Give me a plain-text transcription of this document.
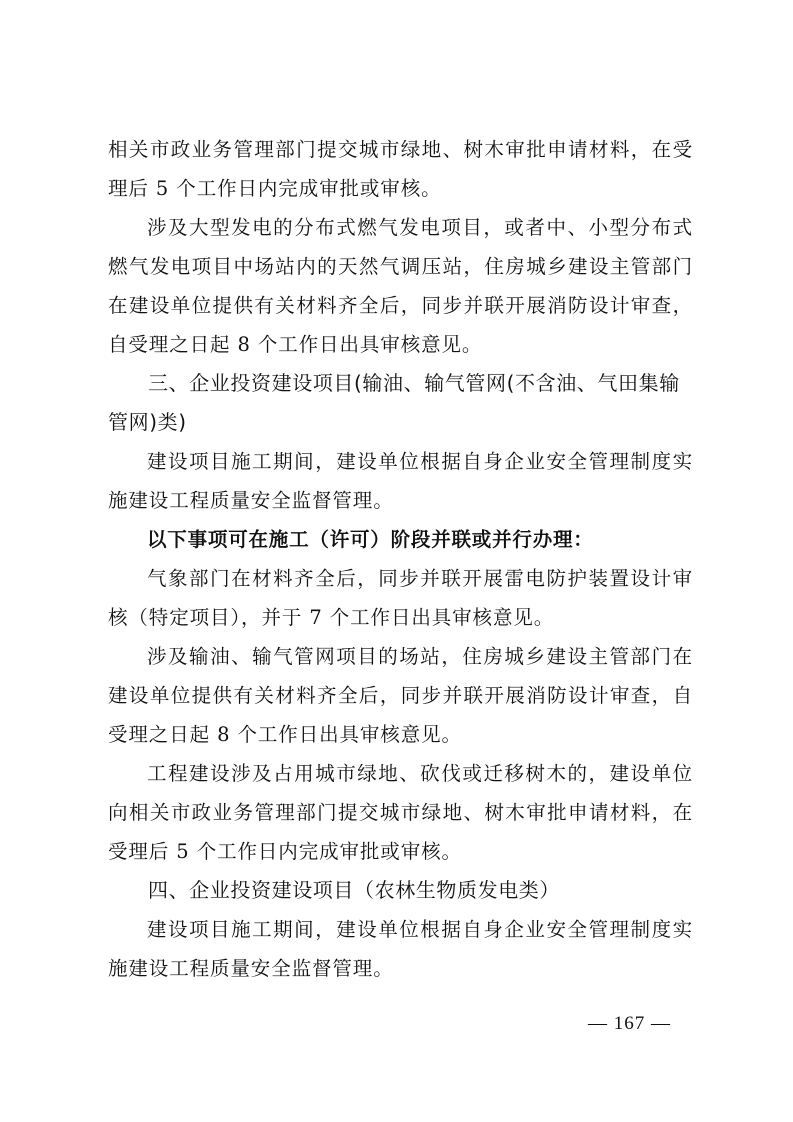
相关市政业务管理部门提交城市绿地、树木审批申请材料，在受理后 5 个工作日内完成审批或审核。

涉及大型发电的分布式燃气发电项目，或者中、小型分布式燃气发电项目中场站内的天然气调压站，住房城乡建设主管部门在建设单位提供有关材料齐全后，同步并联开展消防设计审查，自受理之日起 8 个工作日出具审核意见。

三、企业投资建设项目(输油、输气管网(不含油、气田集输管网)类)

建设项目施工期间，建设单位根据自身企业安全管理制度实施建设工程质量安全监督管理。

以下事项可在施工（许可）阶段并联或并行办理：

气象部门在材料齐全后，同步并联开展雷电防护装置设计审核（特定项目），并于 7 个工作日出具审核意见。

涉及输油、输气管网项目的场站，住房城乡建设主管部门在建设单位提供有关材料齐全后，同步并联开展消防设计审查，自受理之日起 8 个工作日出具审核意见。

工程建设涉及占用城市绿地、砍伐或迁移树木的，建设单位向相关市政业务管理部门提交城市绿地、树木审批申请材料，在受理后 5 个工作日内完成审批或审核。

四、企业投资建设项目（农林生物质发电类）

建设项目施工期间，建设单位根据自身企业安全管理制度实施建设工程质量安全监督管理。

— 167 —
